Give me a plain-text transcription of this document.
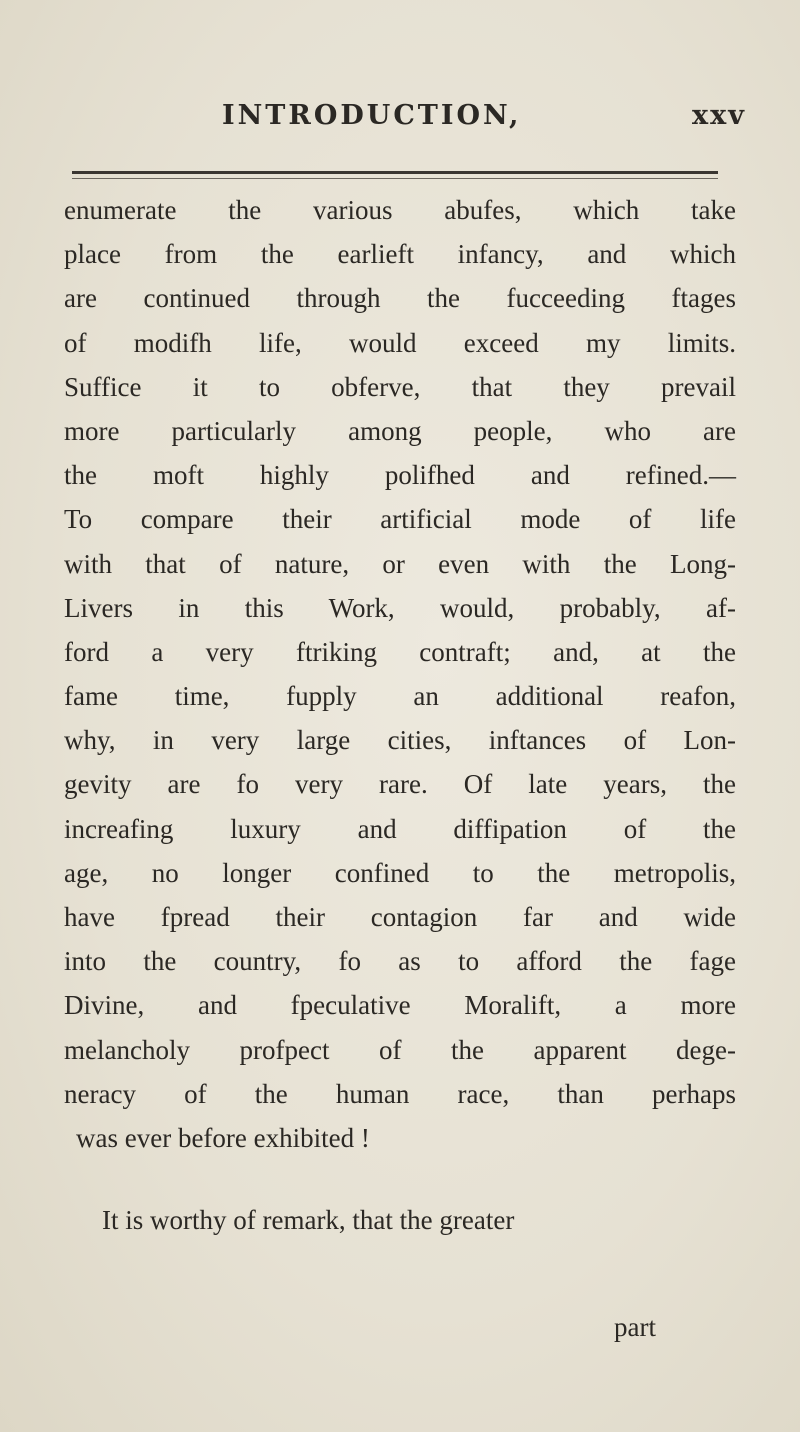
INTRODUCTION,	xxv
enumerate the various abufes, which take
place from the earlieft infancy, and which
are continued through the fucceeding ftages
of modifh life, would exceed my limits.
Suffice it to obferve, that they prevail
more particularly among people, who are
the moft highly polifhed and refined.—
To compare their artificial mode of life
with that of nature, or even with the Long-
Livers in this Work, would, probably, af-
ford a very ftriking contraft; and, at the
fame time, fupply an additional reafon,
why, in very large cities, inftances of Lon-
gevity are fo very rare. Of late years, the
increafing luxury and diffipation of the
age, no longer confined to the metropolis,
have fpread their contagion far and wide
into the country, fo as to afford the fage
Divine, and fpeculative Moralift, a more
melancholy profpect of the apparent dege-
neracy of the human race, than perhaps
was ever before exhibited !
It is worthy of remark, that the greater
part
